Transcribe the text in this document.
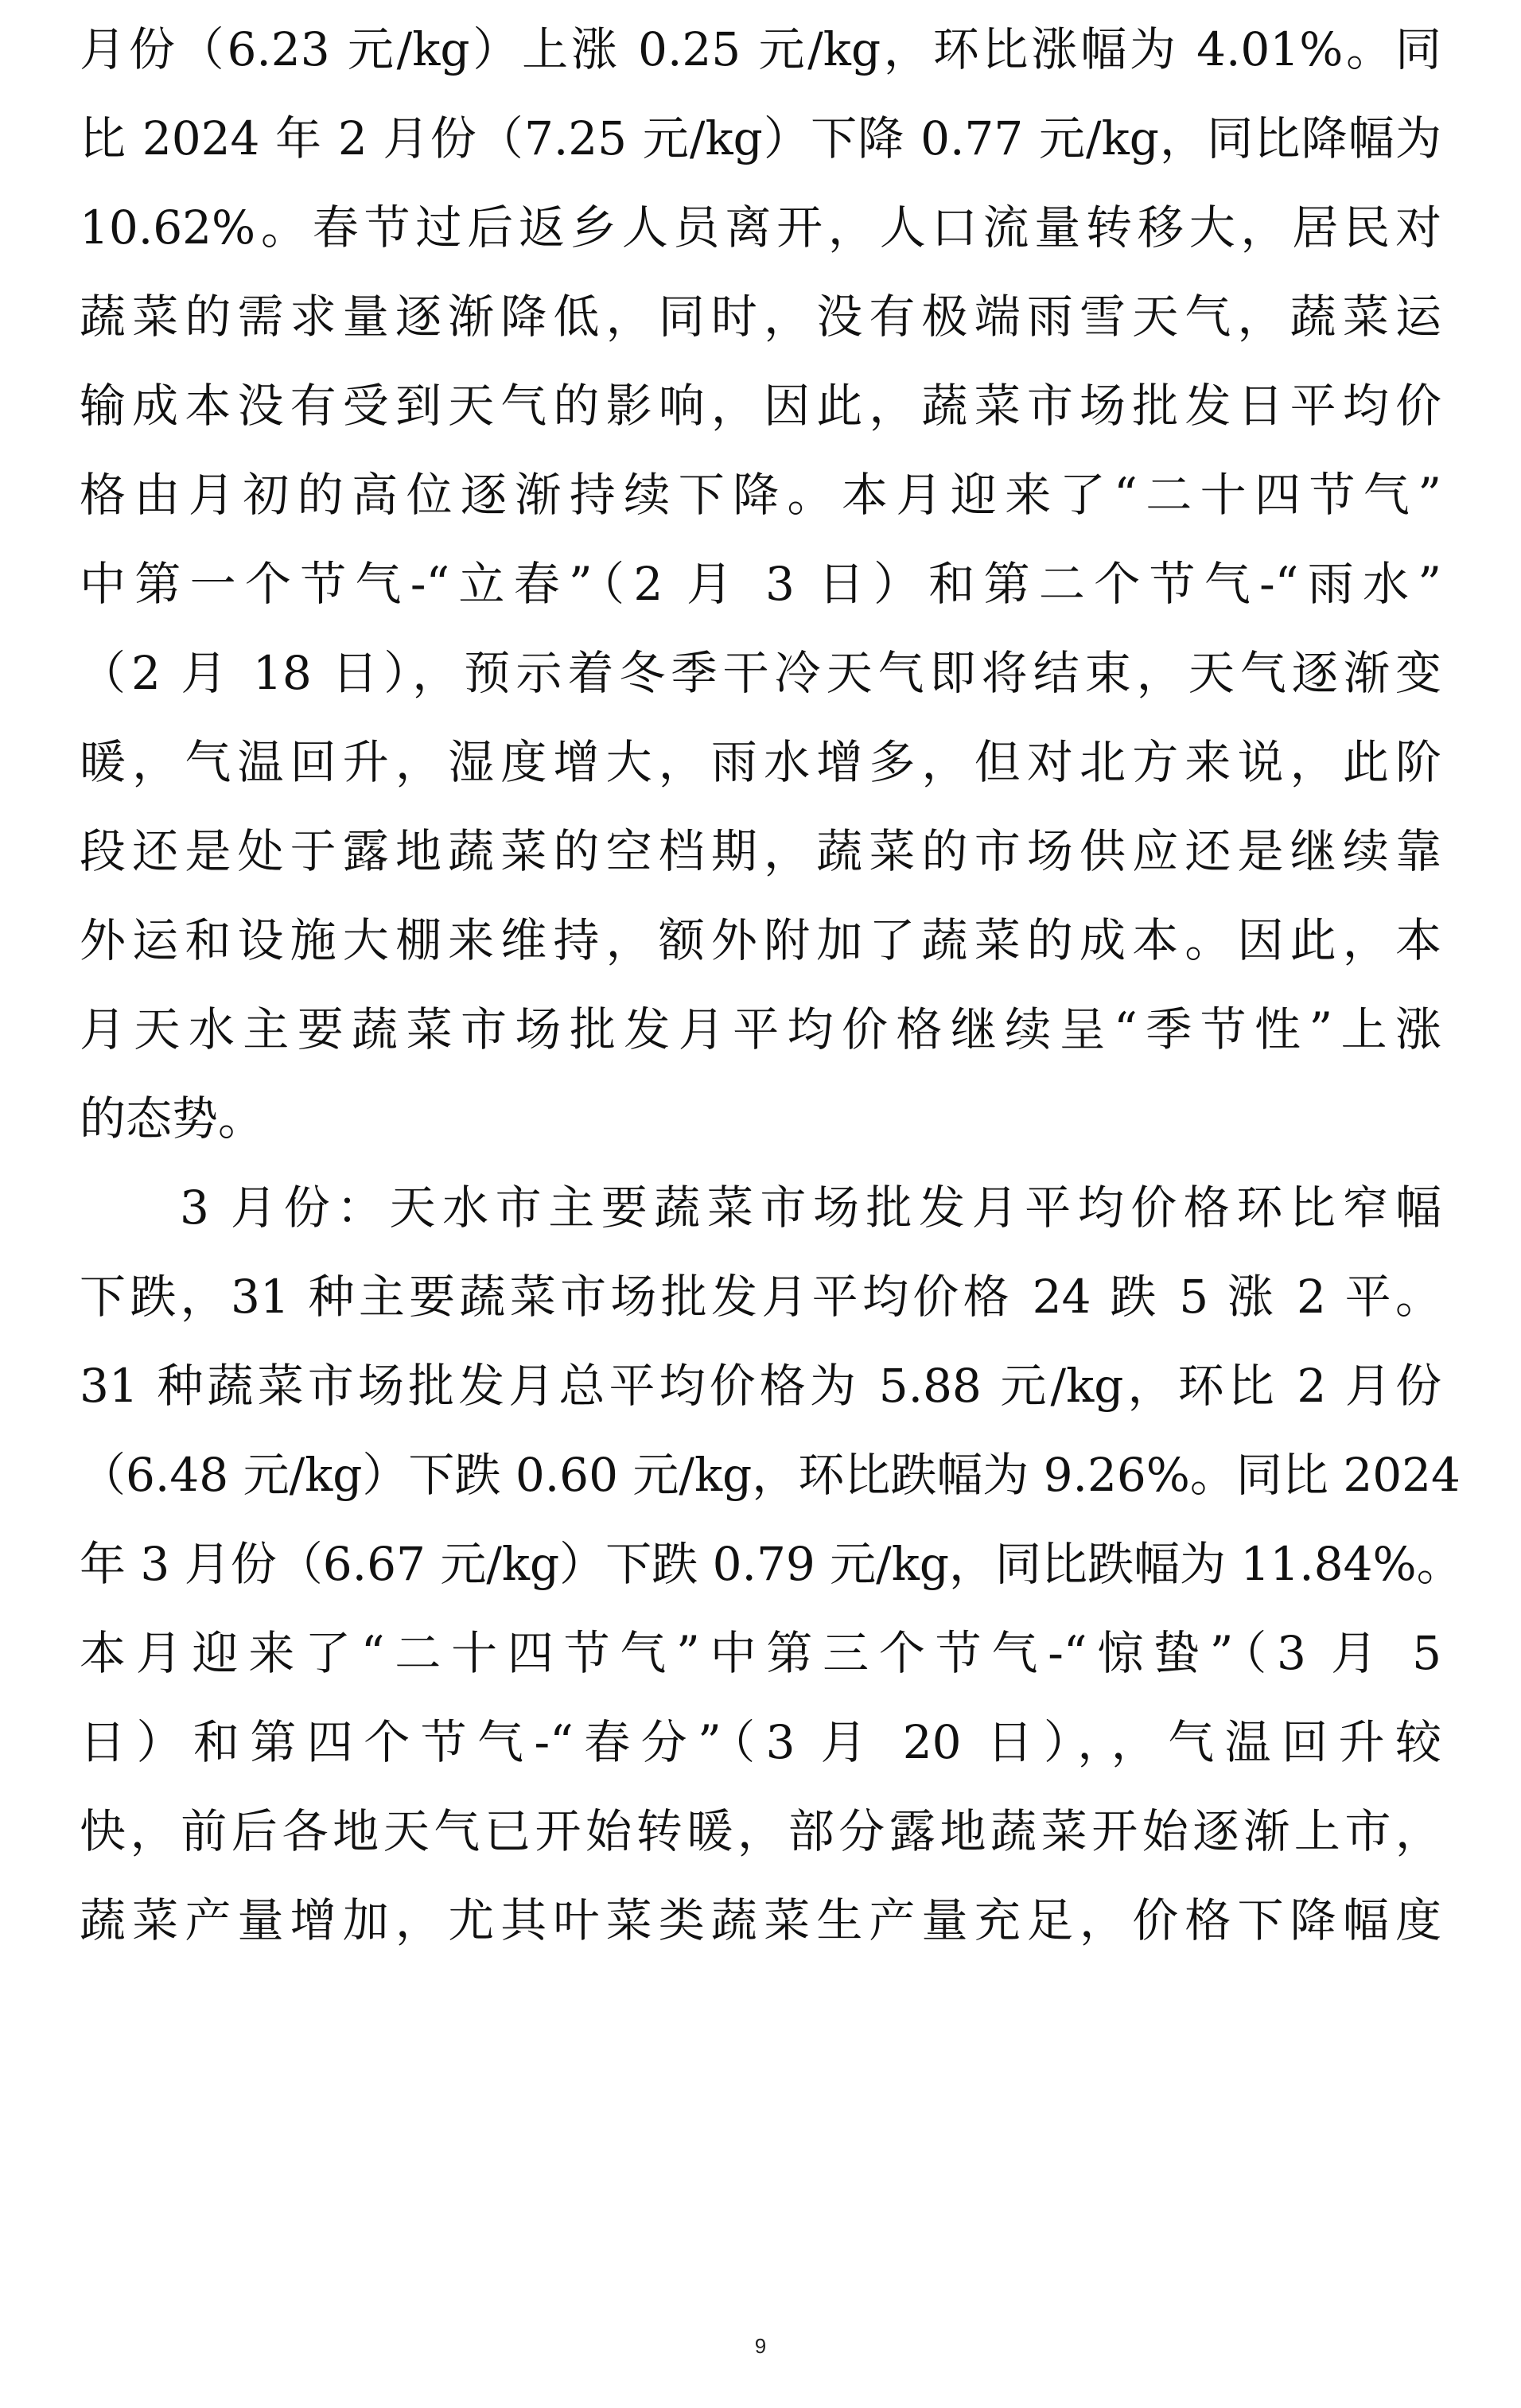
月份（6.23 元/kg）上涨 0.25 元/kg，环比涨幅为 4.01%。同
比 2024 年 2 月份（7.25 元/kg）下降 0.77 元/kg，同比降幅为
10.62%。春节过后返乡人员离开，人口流量转移大，居民对
蔬菜的需求量逐渐降低，同时，没有极端雨雪天气，蔬菜运
输成本没有受到天气的影响，因此，蔬菜市场批发日平均价
格由月初的高位逐渐持续下降。本月迎来了“二十四节气”
中第一个节气-“立春”（2 月 3 日）和第二个节气-“雨水”
（2 月 18 日），预示着冬季干冷天气即将结束，天气逐渐变
暖，气温回升，湿度增大，雨水增多，但对北方来说，此阶
段还是处于露地蔬菜的空档期，蔬菜的市场供应还是继续靠
外运和设施大棚来维持，额外附加了蔬菜的成本。因此，本
月天水主要蔬菜市场批发月平均价格继续呈“季节性”上涨
的态势。
3 月份：天水市主要蔬菜市场批发月平均价格环比窄幅
下跌，31 种主要蔬菜市场批发月平均价格 24 跌 5 涨 2 平。
31 种蔬菜市场批发月总平均价格为 5.88 元/kg，环比 2 月份
（6.48 元/kg）下跌 0.60 元/kg，环比跌幅为 9.26%。同比 2024
年 3 月份（6.67 元/kg）下跌 0.79 元/kg，同比跌幅为 11.84%。
本月迎来了“二十四节气”中第三个节气-“惊蛰”（3 月 5
日）和第四个节气-“春分”（3 月 20 日），，气温回升较
快，前后各地天气已开始转暖，部分露地蔬菜开始逐渐上市，
蔬菜产量增加，尤其叶菜类蔬菜生产量充足，价格下降幅度
9
